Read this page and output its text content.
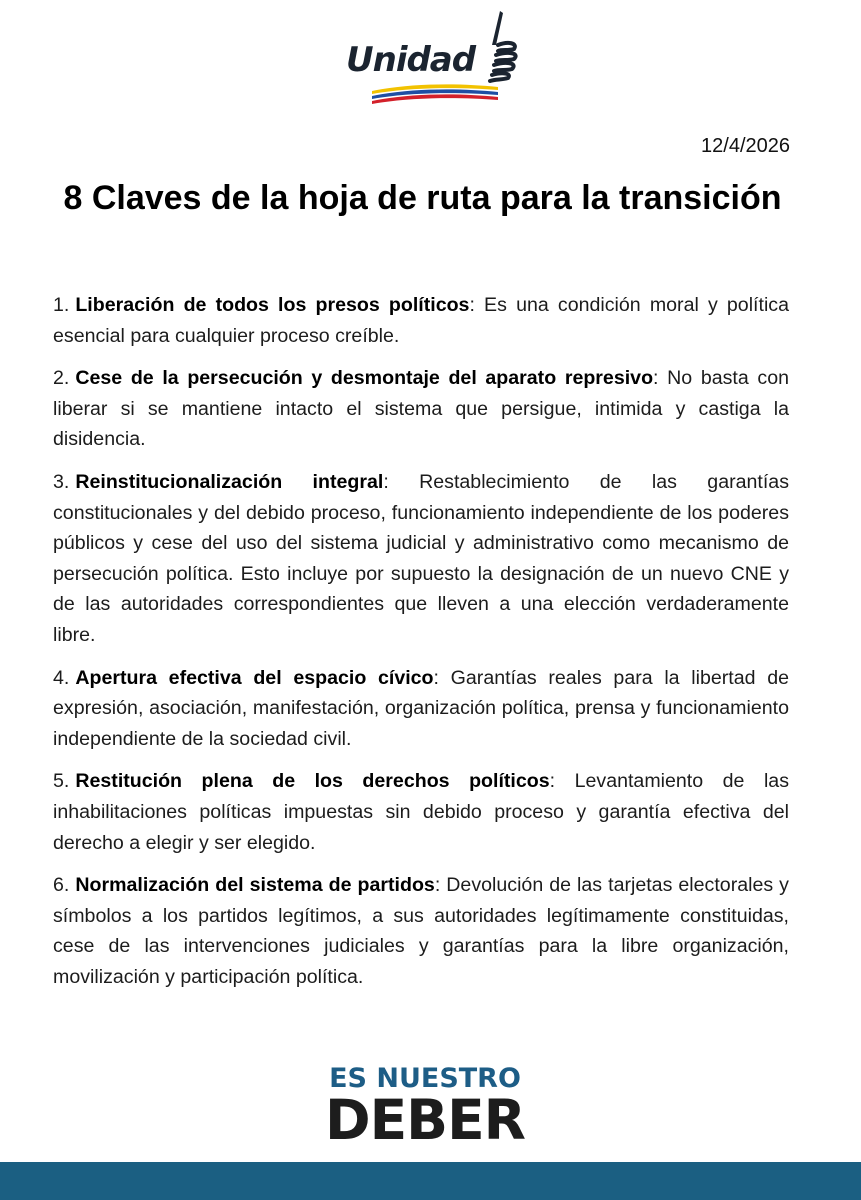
Unidad
12/4/2026
8 Claves de la hoja de ruta para la transición

1. Liberación de todos los presos políticos: Es una condición moral y política esencial para cualquier proceso creíble.

2. Cese de la persecución y desmontaje del aparato represivo: No basta con liberar si se mantiene intacto el sistema que persigue, intimida y castiga la disidencia.

3. Reinstitucionalización integral: Restablecimiento de las garantías constitucionales y del debido proceso, funcionamiento independiente de los poderes públicos y cese del uso del sistema judicial y administrativo como mecanismo de persecución política. Esto incluye por supuesto la designación de un nuevo CNE y de las autoridades correspondientes que lleven a una elección verdaderamente libre.

4. Apertura efectiva del espacio cívico: Garantías reales para la libertad de expresión, asociación, manifestación, organización política, prensa y funcionamiento independiente de la sociedad civil.

5. Restitución plena de los derechos políticos: Levantamiento de las inhabilitaciones políticas impuestas sin debido proceso y garantía efectiva del derecho a elegir y ser elegido.

6. Normalización del sistema de partidos: Devolución de las tarjetas electorales y símbolos a los partidos legítimos, a sus autoridades legítimamente constituidas, cese de las intervenciones judiciales y garantías para la libre organización, movilización y participación política.

ES NUESTRO
DEBER
